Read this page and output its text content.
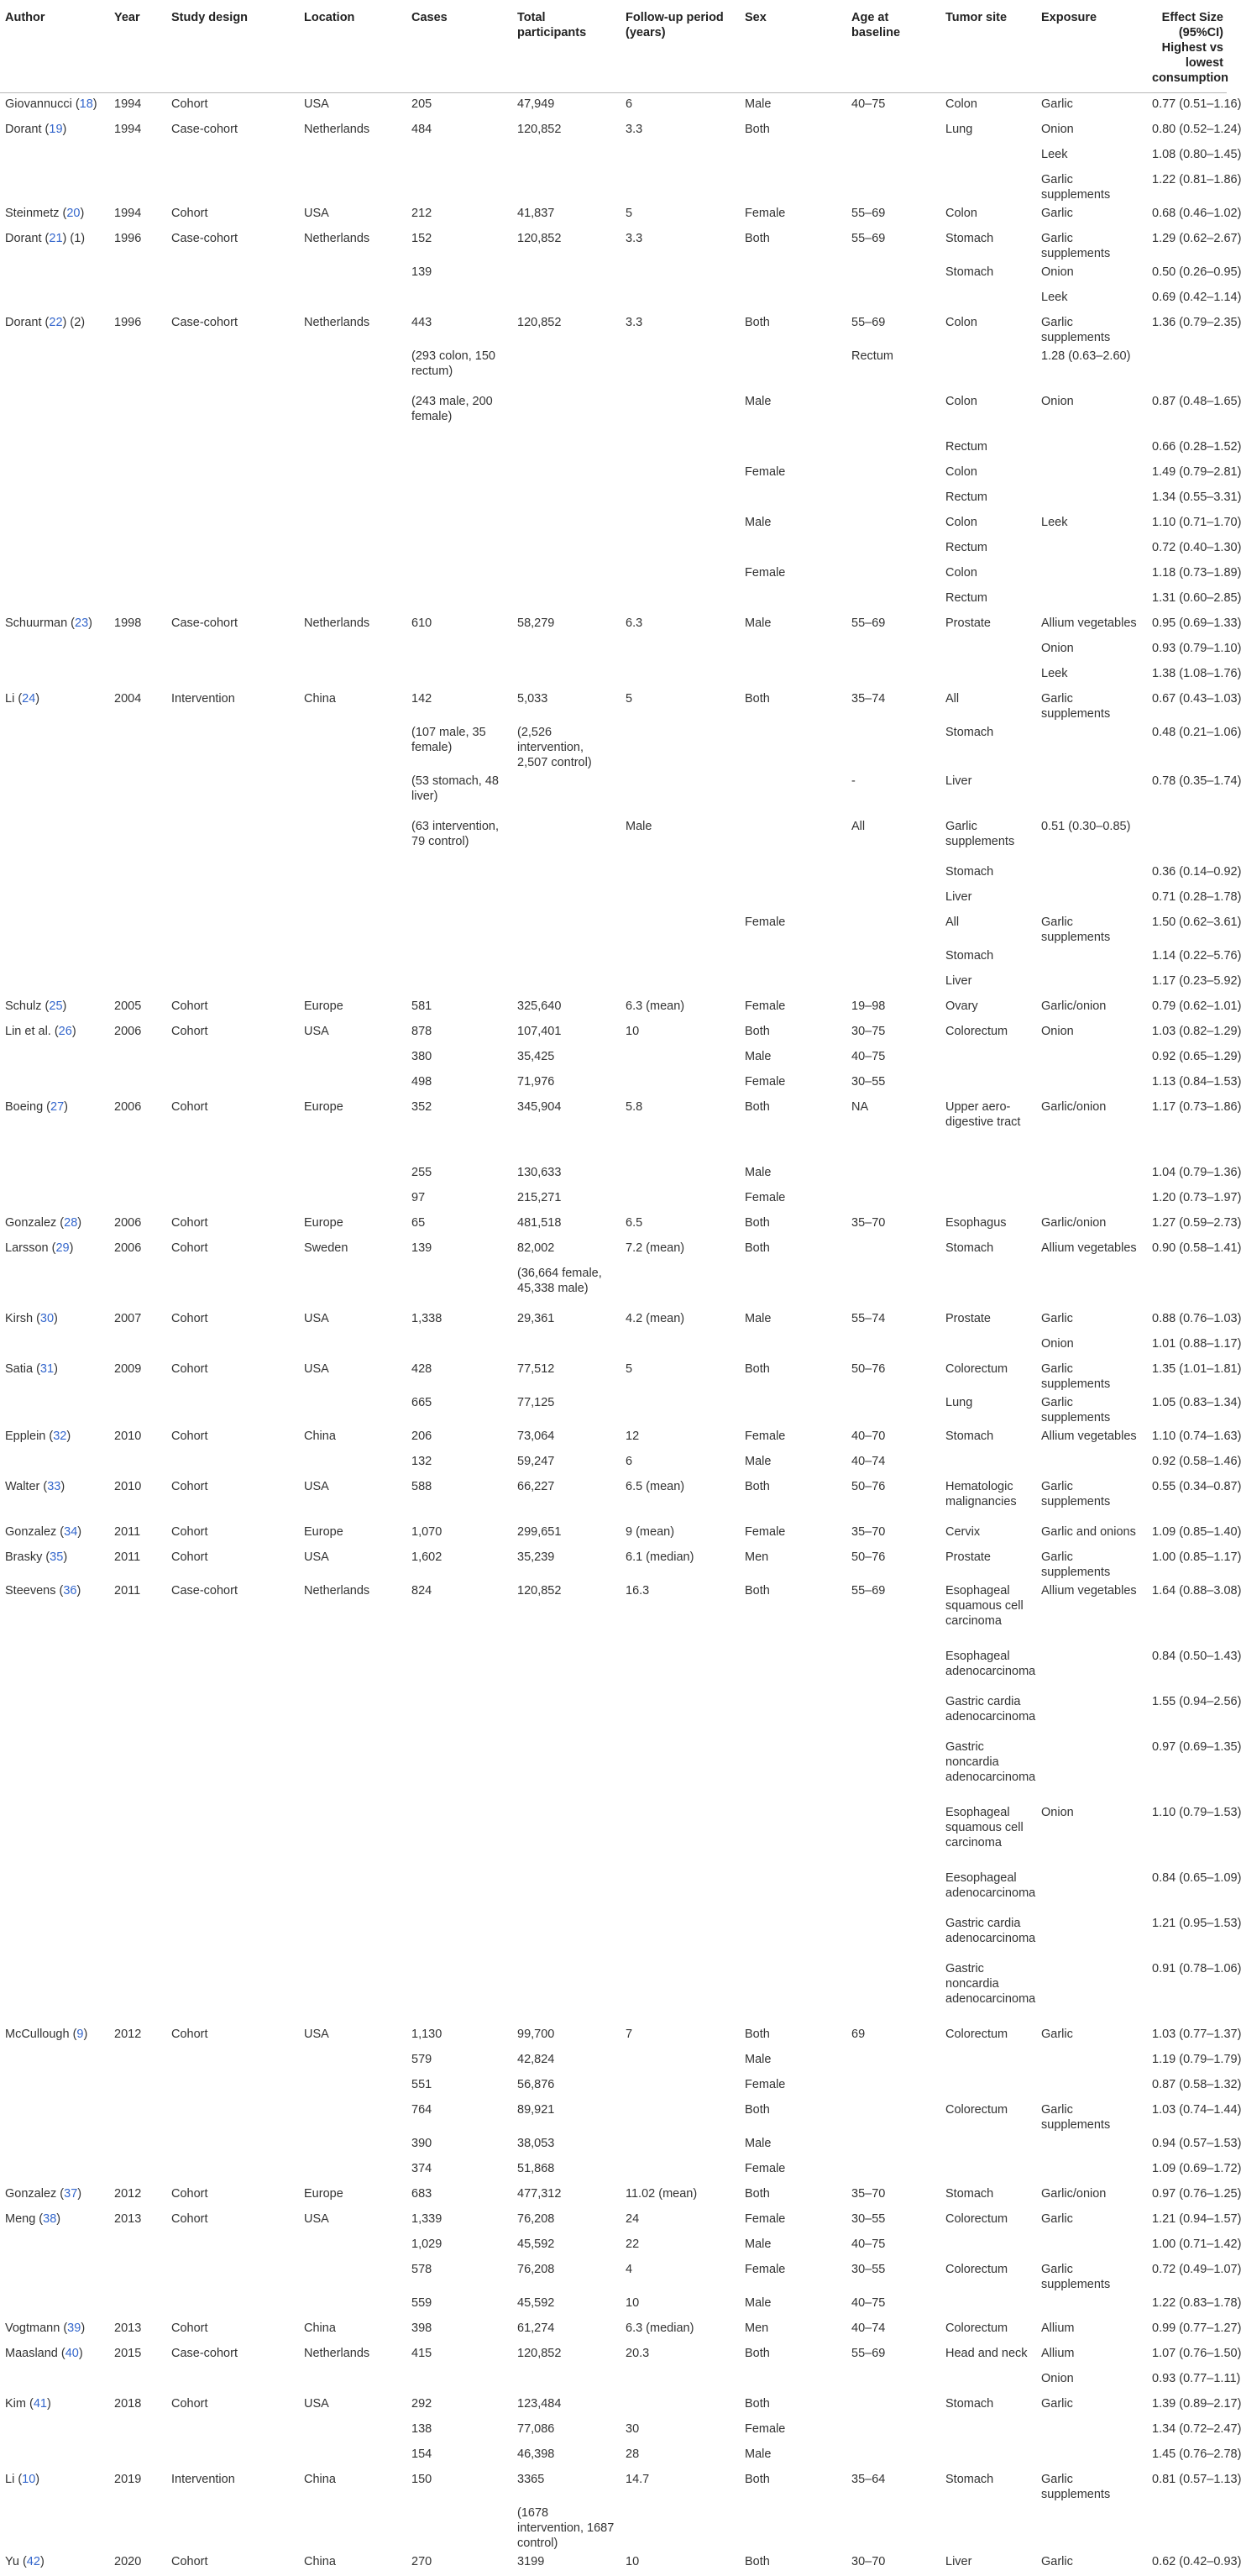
Author	Year	Study design	Location	Cases	Total participants	Follow-up period (years)	Sex	Age at baseline	Tumor site	Exposure	Effect Size (95%CI) Highest vs lowest consumption
Giovannucci (18)	1994	Cohort	USA	205	47,949	6	Male	40–75	Colon	Garlic	0.77 (0.51–1.16)
Dorant (19)	1994	Case-cohort	Netherlands	484	120,852	3.3	Both		Lung	Onion	0.80 (0.52–1.24)
										Leek	1.08 (0.80–1.45)
										Garlic supplements	1.22 (0.81–1.86)
Steinmetz (20)	1994	Cohort	USA	212	41,837	5	Female	55–69	Colon	Garlic	0.68 (0.46–1.02)
Dorant (21) (1)	1996	Case-cohort	Netherlands	152	120,852	3.3	Both	55–69	Stomach	Garlic supplements	1.29 (0.62–2.67)
				139					Stomach	Onion	0.50 (0.26–0.95)
										Leek	0.69 (0.42–1.14)
Dorant (22) (2)	1996	Case-cohort	Netherlands	443	120,852	3.3	Both	55–69	Colon	Garlic supplements	1.36 (0.79–2.35)
				(293 colon, 150 rectum)				Rectum		1.28 (0.63–2.60)	
				(243 male, 200 female)			Male		Colon	Onion	0.87 (0.48–1.65)
									Rectum		0.66 (0.28–1.52)
							Female		Colon		1.49 (0.79–2.81)
									Rectum		1.34 (0.55–3.31)
							Male		Colon	Leek	1.10 (0.71–1.70)
									Rectum		0.72 (0.40–1.30)
							Female		Colon		1.18 (0.73–1.89)
									Rectum		1.31 (0.60–2.85)
Schuurman (23)	1998	Case-cohort	Netherlands	610	58,279	6.3	Male	55–69	Prostate	Allium vegetables	0.95 (0.69–1.33)
										Onion	0.93 (0.79–1.10)
										Leek	1.38 (1.08–1.76)
Li (24)	2004	Intervention	China	142	5,033	5	Both	35–74	All	Garlic supplements	0.67 (0.43–1.03)
				(107 male, 35 female)	(2,526 intervention, 2,507 control)				Stomach		0.48 (0.21–1.06)
				(53 stomach, 48 liver)				-	Liver		0.78 (0.35–1.74)
				(63 intervention, 79 control)		Male		All	Garlic supplements	0.51 (0.30–0.85)	
									Stomach		0.36 (0.14–0.92)
									Liver		0.71 (0.28–1.78)
							Female		All	Garlic supplements	1.50 (0.62–3.61)
									Stomach		1.14 (0.22–5.76)
									Liver		1.17 (0.23–5.92)
Schulz (25)	2005	Cohort	Europe	581	325,640	6.3 (mean)	Female	19–98	Ovary	Garlic/onion	0.79 (0.62–1.01)
Lin et al. (26)	2006	Cohort	USA	878	107,401	10	Both	30–75	Colorectum	Onion	1.03 (0.82–1.29)
				380	35,425		Male	40–75			0.92 (0.65–1.29)
				498	71,976		Female	30–55			1.13 (0.84–1.53)
Boeing (27)	2006	Cohort	Europe	352	345,904	5.8	Both	NA	Upper aero-digestive tract	Garlic/onion	1.17 (0.73–1.86)
				255	130,633		Male				1.04 (0.79–1.36)
				97	215,271		Female				1.20 (0.73–1.97)
Gonzalez (28)	2006	Cohort	Europe	65	481,518	6.5	Both	35–70	Esophagus	Garlic/onion	1.27 (0.59–2.73)
Larsson (29)	2006	Cohort	Sweden	139	82,002	7.2 (mean)	Both		Stomach	Allium vegetables	0.90 (0.58–1.41)
					(36,664 female, 45,338 male)						
Kirsh (30)	2007	Cohort	USA	1,338	29,361	4.2 (mean)	Male	55–74	Prostate	Garlic	0.88 (0.76–1.03)
										Onion	1.01 (0.88–1.17)
Satia (31)	2009	Cohort	USA	428	77,512	5	Both	50–76	Colorectum	Garlic supplements	1.35 (1.01–1.81)
				665	77,125				Lung	Garlic supplements	1.05 (0.83–1.34)
Epplein (32)	2010	Cohort	China	206	73,064	12	Female	40–70	Stomach	Allium vegetables	1.10 (0.74–1.63)
				132	59,247	6	Male	40–74			0.92 (0.58–1.46)
Walter (33)	2010	Cohort	USA	588	66,227	6.5 (mean)	Both	50–76	Hematologic malignancies	Garlic supplements	0.55 (0.34–0.87)
Gonzalez (34)	2011	Cohort	Europe	1,070	299,651	9 (mean)	Female	35–70	Cervix	Garlic and onions	1.09 (0.85–1.40)
Brasky (35)	2011	Cohort	USA	1,602	35,239	6.1 (median)	Men	50–76	Prostate	Garlic supplements	1.00 (0.85–1.17)
Steevens (36)	2011	Case-cohort	Netherlands	824	120,852	16.3	Both	55–69	Esophageal squamous cell carcinoma	Allium vegetables	1.64 (0.88–3.08)
									Esophageal adenocarcinoma		0.84 (0.50–1.43)
									Gastric cardia adenocarcinoma		1.55 (0.94–2.56)
									Gastric noncardia adenocarcinoma		0.97 (0.69–1.35)
									Esophageal squamous cell carcinoma	Onion	1.10 (0.79–1.53)
									Eesophageal adenocarcinoma		0.84 (0.65–1.09)
									Gastric cardia adenocarcinoma		1.21 (0.95–1.53)
									Gastric noncardia adenocarcinoma		0.91 (0.78–1.06)
McCullough (9)	2012	Cohort	USA	1,130	99,700	7	Both	69	Colorectum	Garlic	1.03 (0.77–1.37)
				579	42,824		Male				1.19 (0.79–1.79)
				551	56,876		Female				0.87 (0.58–1.32)
				764	89,921		Both		Colorectum	Garlic supplements	1.03 (0.74–1.44)
				390	38,053		Male				0.94 (0.57–1.53)
				374	51,868		Female				1.09 (0.69–1.72)
Gonzalez (37)	2012	Cohort	Europe	683	477,312	11.02 (mean)	Both	35–70	Stomach	Garlic/onion	0.97 (0.76–1.25)
Meng (38)	2013	Cohort	USA	1,339	76,208	24	Female	30–55	Colorectum	Garlic	1.21 (0.94–1.57)
				1,029	45,592	22	Male	40–75			1.00 (0.71–1.42)
				578	76,208	4	Female	30–55	Colorectum	Garlic supplements	0.72 (0.49–1.07)
				559	45,592	10	Male	40–75			1.22 (0.83–1.78)
Vogtmann (39)	2013	Cohort	China	398	61,274	6.3 (median)	Men	40–74	Colorectum	Allium	0.99 (0.77–1.27)
Maasland (40)	2015	Case-cohort	Netherlands	415	120,852	20.3	Both	55–69	Head and neck	Allium	1.07 (0.76–1.50)
										Onion	0.93 (0.77–1.11)
Kim (41)	2018	Cohort	USA	292	123,484		Both		Stomach	Garlic	1.39 (0.89–2.17)
				138	77,086	30	Female				1.34 (0.72–2.47)
				154	46,398	28	Male				1.45 (0.76–2.78)
Li (10)	2019	Intervention	China	150	3365	14.7	Both	35–64	Stomach	Garlic supplements	0.81 (0.57–1.13)
					(1678 intervention, 1687 control)						
Yu (42)	2020	Cohort	China	270	3199	10	Both	30–70	Liver	Garlic	0.62 (0.42–0.93)
